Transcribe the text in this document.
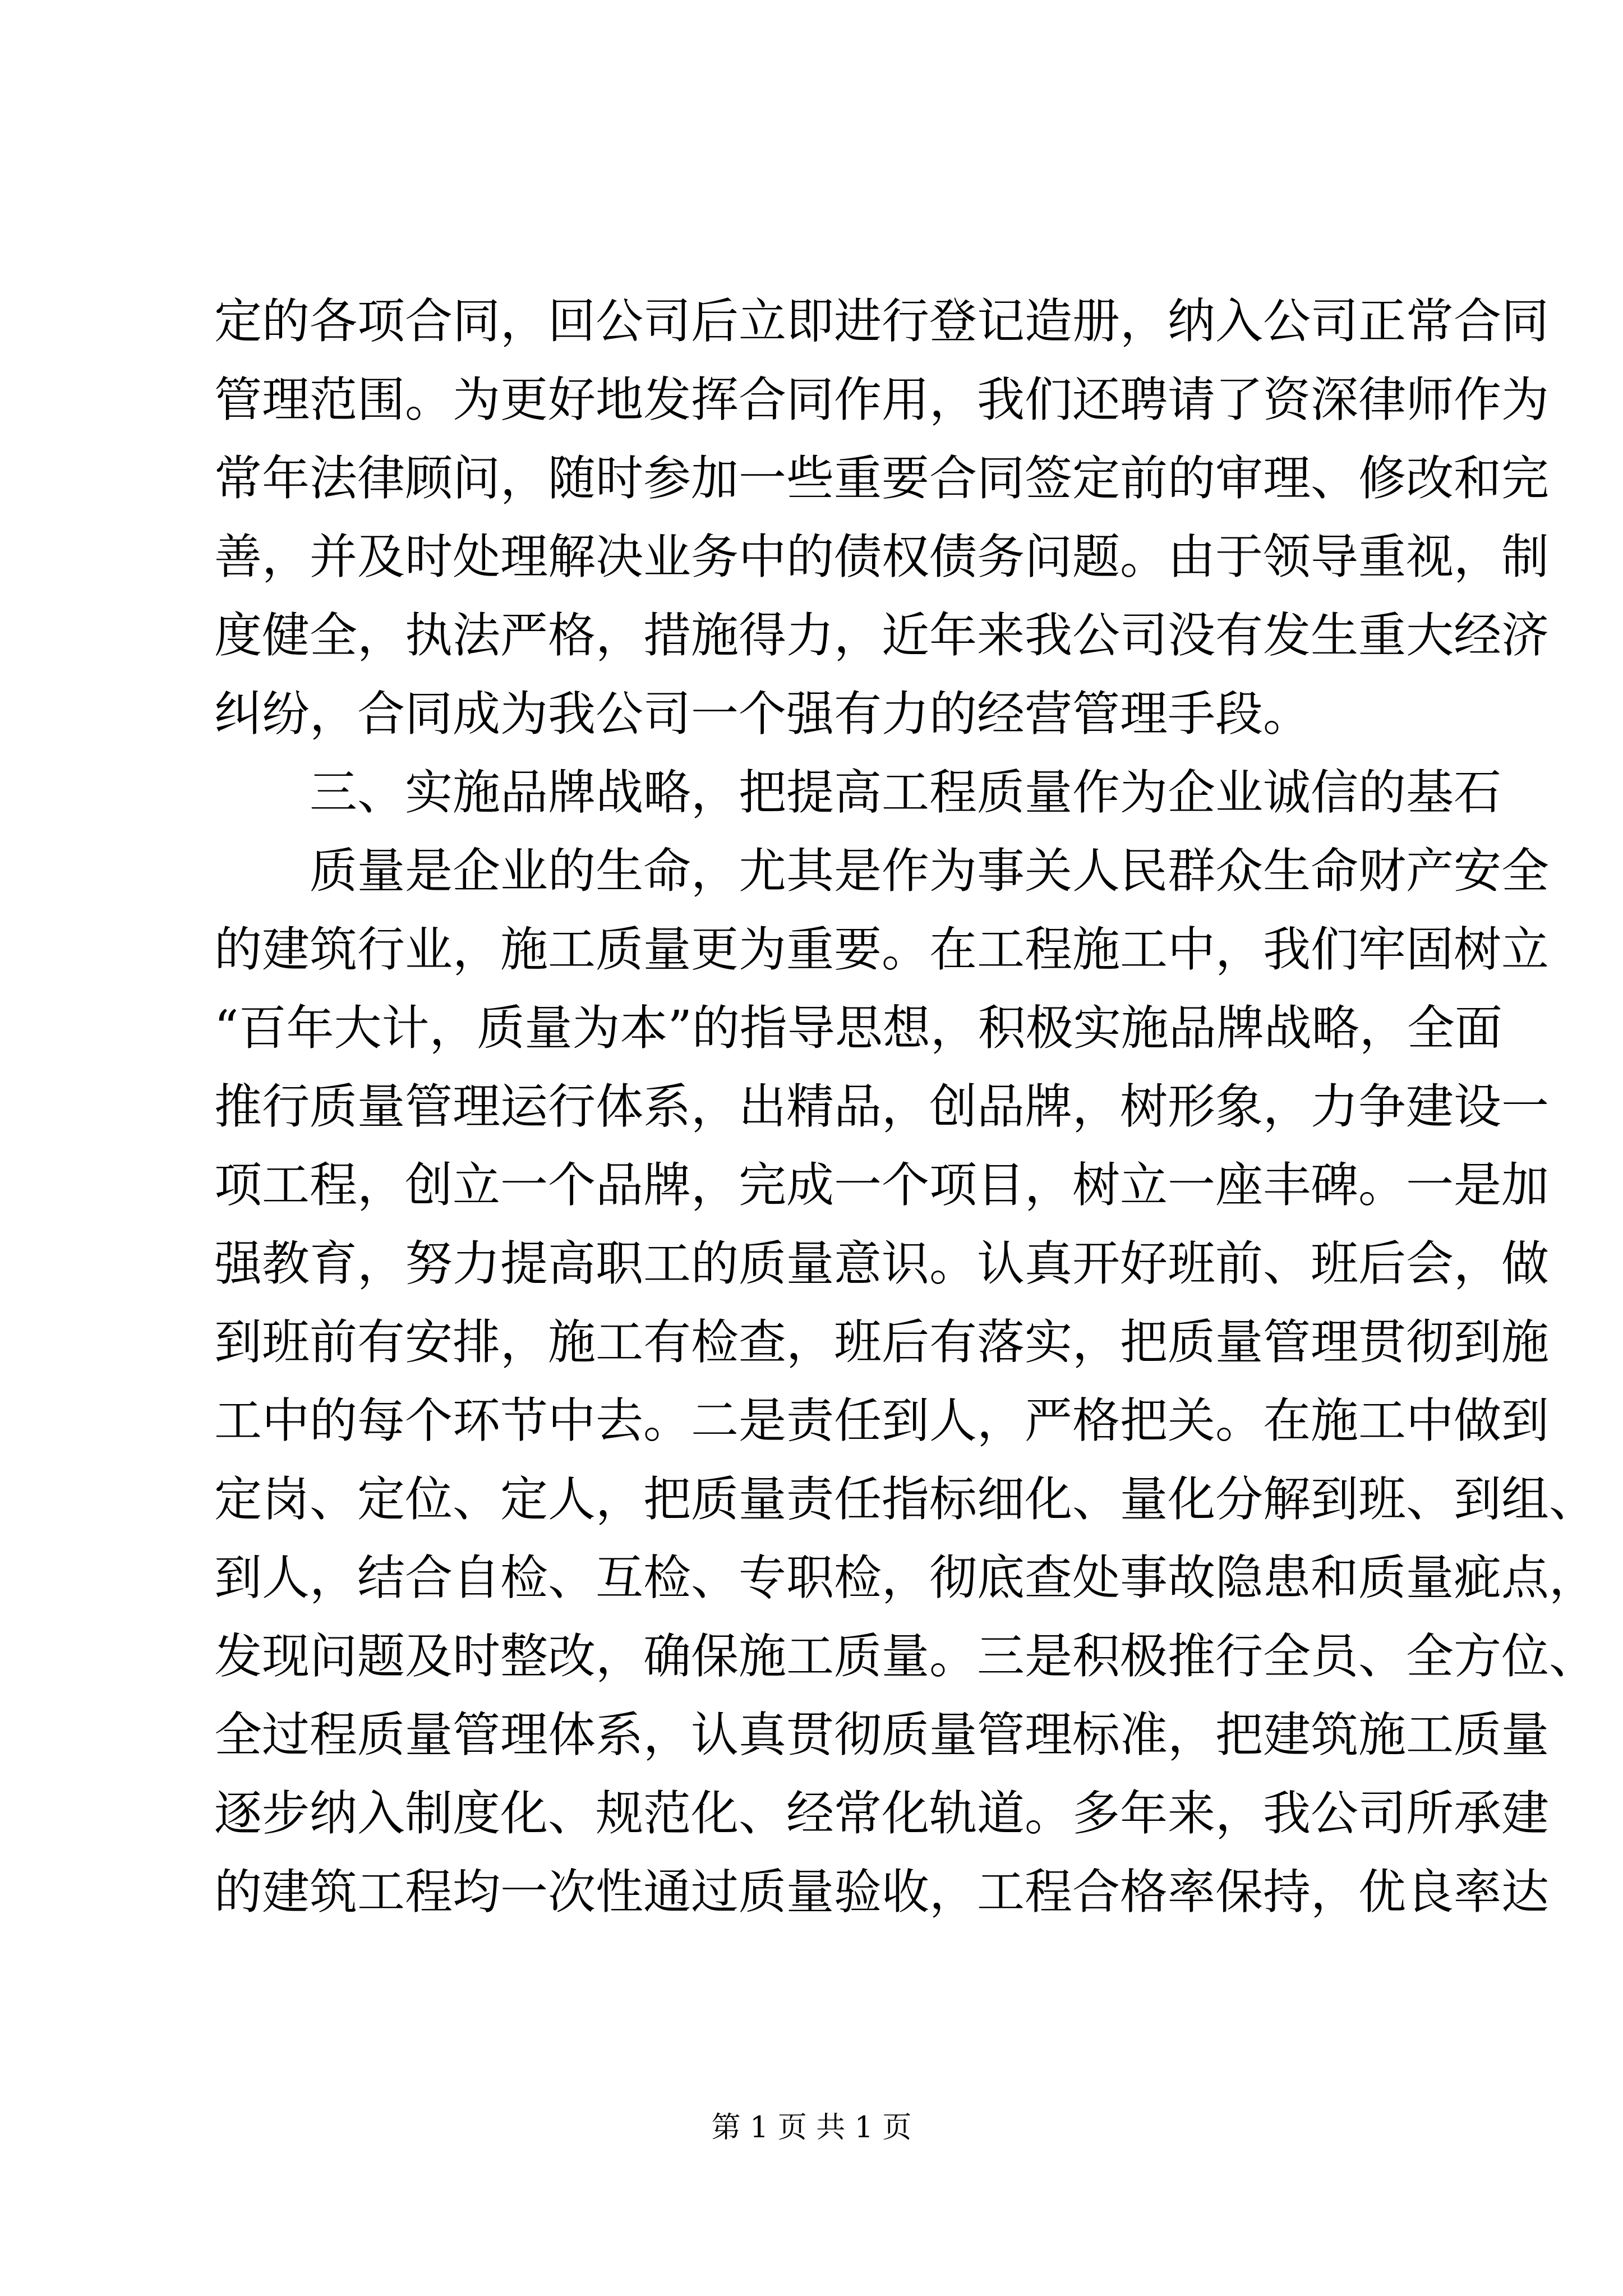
定的各项合同，回公司后立即进行登记造册，纳入公司正常合同
管理范围。为更好地发挥合同作用，我们还聘请了资深律师作为
常年法律顾问，随时参加一些重要合同签定前的审理、修改和完
善，并及时处理解决业务中的债权债务问题。由于领导重视，制
度健全，执法严格，措施得力，近年来我公司没有发生重大经济
纠纷，合同成为我公司一个强有力的经营管理手段。
三、实施品牌战略，把提高工程质量作为企业诚信的基石
质量是企业的生命，尤其是作为事关人民群众生命财产安全
的建筑行业，施工质量更为重要。在工程施工中，我们牢固树立
“百年大计，质量为本”的指导思想，积极实施品牌战略，全面
推行质量管理运行体系，出精品，创品牌，树形象，力争建设一
项工程，创立一个品牌，完成一个项目，树立一座丰碑。一是加
强教育，努力提高职工的质量意识。认真开好班前、班后会，做
到班前有安排，施工有检查，班后有落实，把质量管理贯彻到施
工中的每个环节中去。二是责任到人，严格把关。在施工中做到
定岗、定位、定人，把质量责任指标细化、量化分解到班、到组、
到人，结合自检、互检、专职检，彻底查处事故隐患和质量疵点，
发现问题及时整改，确保施工质量。三是积极推行全员、全方位、
全过程质量管理体系，认真贯彻质量管理标准，把建筑施工质量
逐步纳入制度化、规范化、经常化轨道。多年来，我公司所承建
的建筑工程均一次性通过质量验收，工程合格率保持，优良率达
第 1 页 共 1 页
